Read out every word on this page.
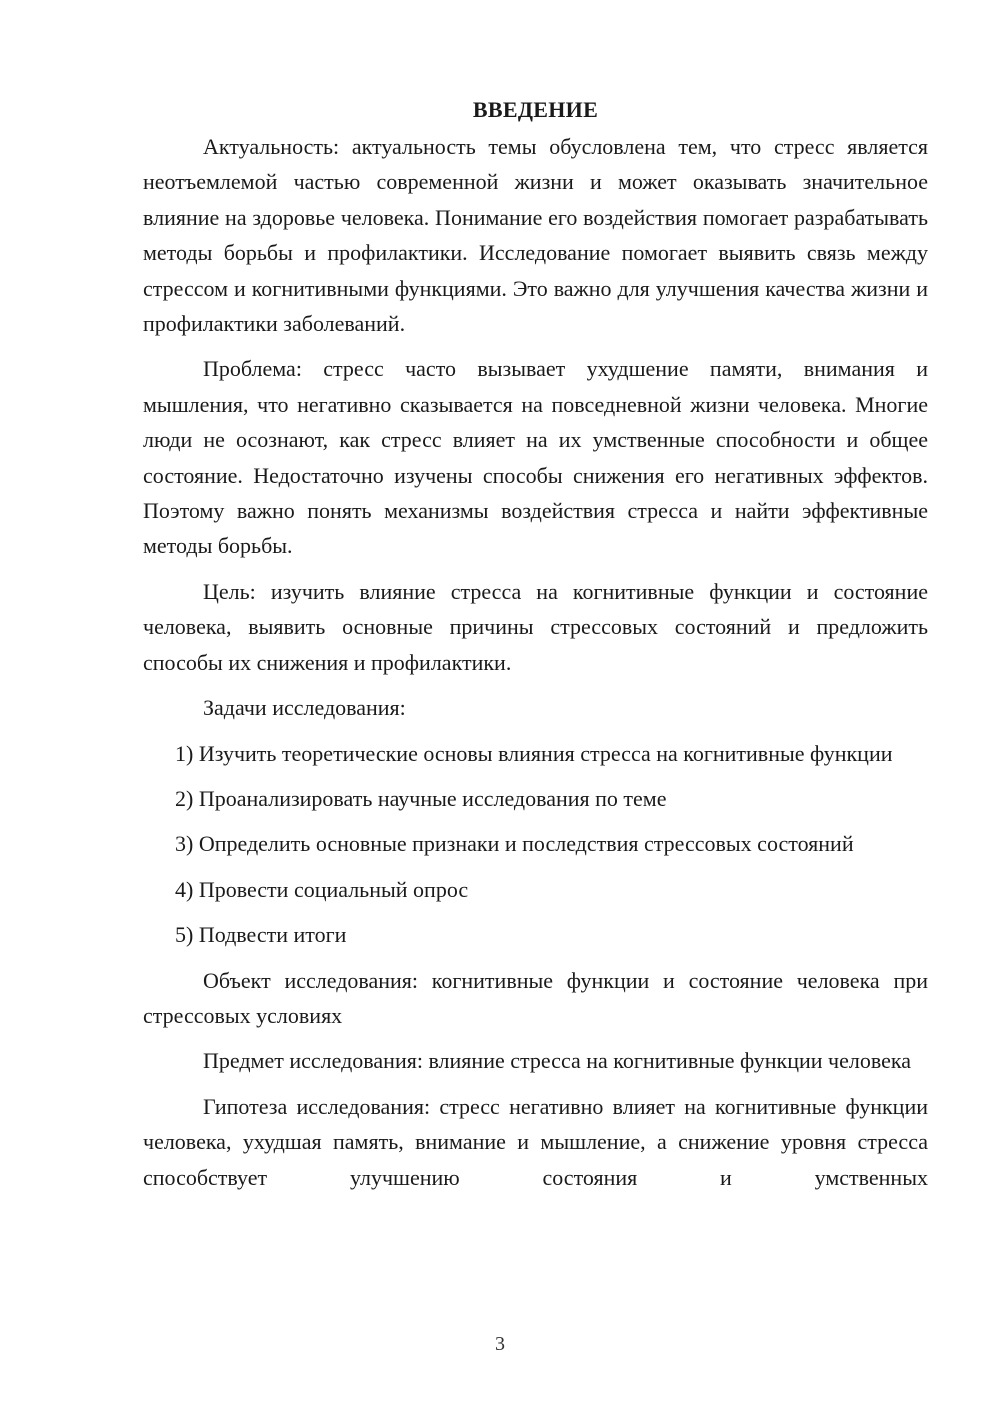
ВВЕДЕНИЕ

Актуальность: актуальность темы обусловлена тем, что стресс является неотъемлемой частью современной жизни и может оказывать значительное влияние на здоровье человека. Понимание его воздействия помогает разрабатывать методы борьбы и профилактики. Исследование помогает выявить связь между стрессом и когнитивными функциями. Это важно для улучшения качества жизни и профилактики заболеваний.

Проблема: стресс часто вызывает ухудшение памяти, внимания и мышления, что негативно сказывается на повседневной жизни человека. Многие люди не осознают, как стресс влияет на их умственные способности и общее состояние. Недостаточно изучены способы снижения его негативных эффектов. Поэтому важно понять механизмы воздействия стресса и найти эффективные методы борьбы.

Цель: изучить влияние стресса на когнитивные функции и состояние человека, выявить основные причины стрессовых состояний и предложить способы их снижения и профилактики.

Задачи исследования:

1) Изучить теоретические основы влияния стресса на когнитивные функции

2) Проанализировать научные исследования по теме

3) Определить основные признаки и последствия стрессовых состояний

4) Провести социальный опрос

5) Подвести итоги

Объект исследования: когнитивные функции и состояние человека при стрессовых условиях

Предмет исследования: влияние стресса на когнитивные функции человека

Гипотеза исследования: стресс негативно влияет на когнитивные функции человека, ухудшая память, внимание и мышление, а снижение уровня стресса способствует улучшению состояния и умственных

3
